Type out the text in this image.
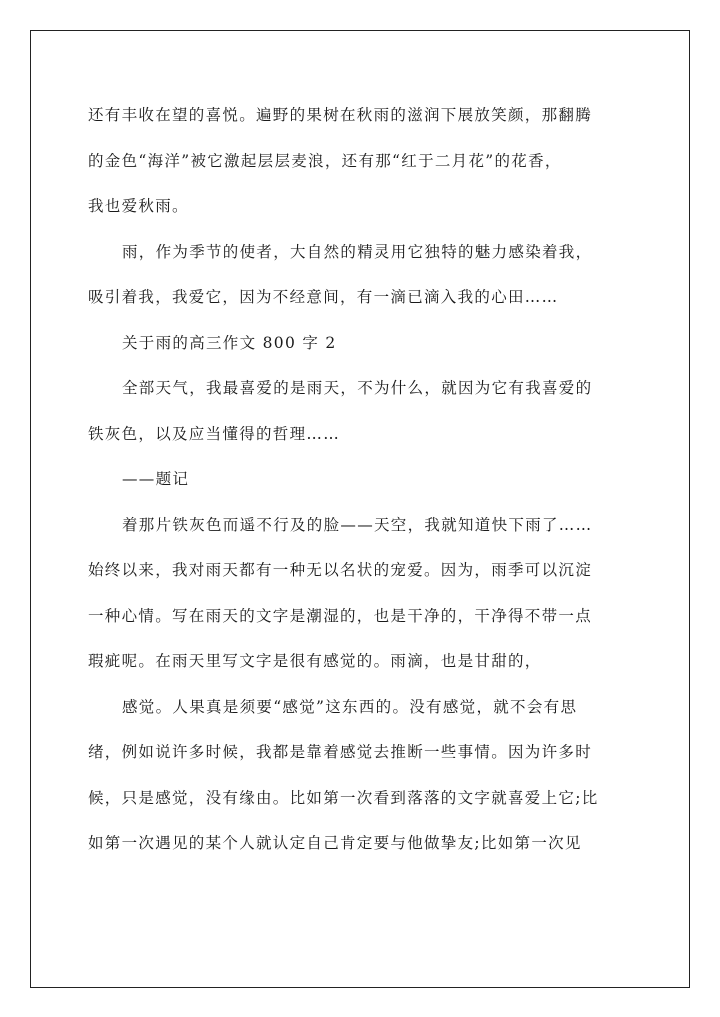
还有丰收在望的喜悦。遍野的果树在秋雨的滋润下展放笑颜，那翻腾
的金色“海洋”被它激起层层麦浪，还有那“红于二月花”的花香，
我也爱秋雨。
雨，作为季节的使者，大自然的精灵用它独特的魅力感染着我，
吸引着我，我爱它，因为不经意间，有一滴已滴入我的心田……
关于雨的高三作文 800 字 2
全部天气，我最喜爱的是雨天，不为什么，就因为它有我喜爱的
铁灰色，以及应当懂得的哲理……
——题记
着那片铁灰色而遥不行及的脸——天空，我就知道快下雨了……
始终以来，我对雨天都有一种无以名状的宠爱。因为，雨季可以沉淀
一种心情。写在雨天的文字是潮湿的，也是干净的，干净得不带一点
瑕疵呢。在雨天里写文字是很有感觉的。雨滴，也是甘甜的，
感觉。人果真是须要“感觉”这东西的。没有感觉，就不会有思
绪，例如说许多时候，我都是靠着感觉去推断一些事情。因为许多时
候，只是感觉，没有缘由。比如第一次看到落落的文字就喜爱上它;比
如第一次遇见的某个人就认定自己肯定要与他做挚友;比如第一次见
